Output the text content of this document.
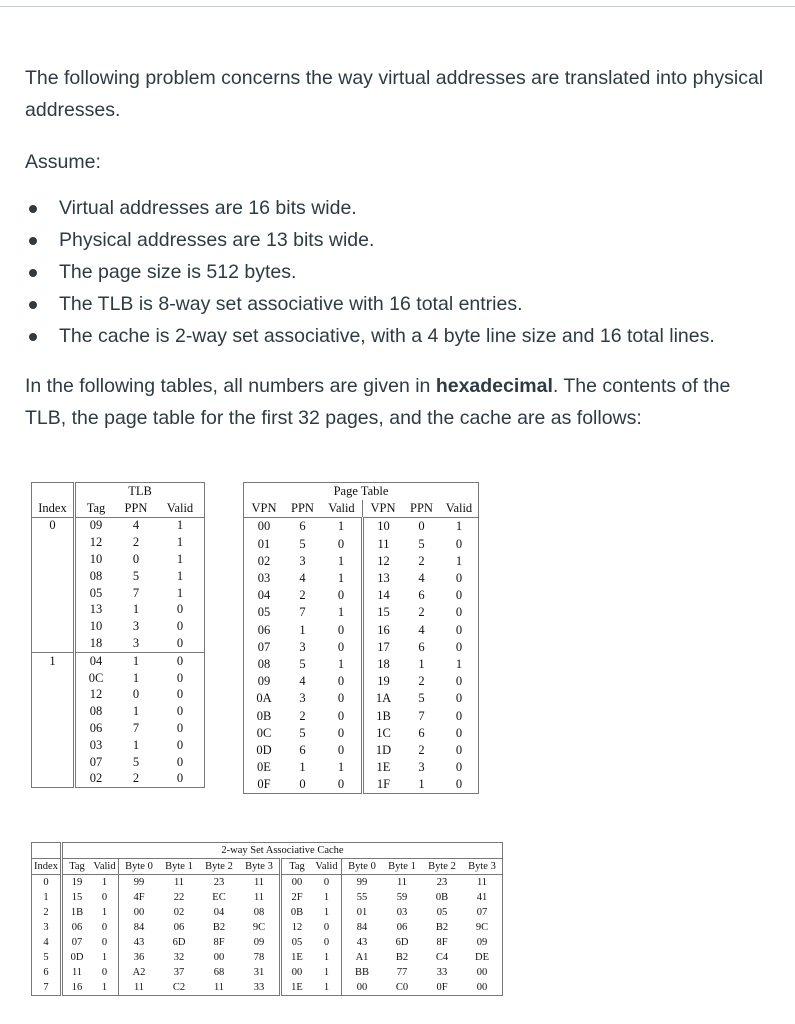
The following problem concerns the way virtual addresses are translated into physical addresses.

Assume:

Virtual addresses are 16 bits wide.
Physical addresses are 13 bits wide.
The page size is 512 bytes.
The TLB is 8-way set associative with 16 total entries.
The cache is 2-way set associative, with a 4 byte line size and 16 total lines.

In the following tables, all numbers are given in hexadecimal. The contents of the TLB, the page table for the first 32 pages, and the cache are as follows:

	TLB		
Index	Tag	PPN	Valid
0	09	4	1
	12	2	1
	10	0	1
	08	5	1
	05	7	1
	13	1	0
	10	3	0
	18	3	0
1	04	1	0
	0C	1	0
	12	0	0
	08	1	0
	06	7	0
	03	1	0
	07	5	0
	02	2	0
Page Table					
VPN	PPN	Valid	VPN	PPN	Valid
00	6	1	10	0	1
01	5	0	11	5	0
02	3	1	12	2	1
03	4	1	13	4	0
04	2	0	14	6	0
05	7	1	15	2	0
06	1	0	16	4	0
07	3	0	17	6	0
08	5	1	18	1	1
09	4	0	19	2	0
0A	3	0	1A	5	0
0B	2	0	1B	7	0
0C	5	0	1C	6	0
0D	6	0	1D	2	0
0E	1	1	1E	3	0
0F	0	0	1F	1	0
	2-way Set Associative Cache											
Index	Tag	Valid	Byte 0	Byte 1	Byte 2	Byte 3	Tag	Valid	Byte 0	Byte 1	Byte 2	Byte 3
0	19	1	99	11	23	11	00	0	99	11	23	11
1	15	0	4F	22	EC	11	2F	1	55	59	0B	41
2	1B	1	00	02	04	08	0B	1	01	03	05	07
3	06	0	84	06	B2	9C	12	0	84	06	B2	9C
4	07	0	43	6D	8F	09	05	0	43	6D	8F	09
5	0D	1	36	32	00	78	1E	1	A1	B2	C4	DE
6	11	0	A2	37	68	31	00	1	BB	77	33	00
7	16	1	11	C2	11	33	1E	1	00	C0	0F	00
